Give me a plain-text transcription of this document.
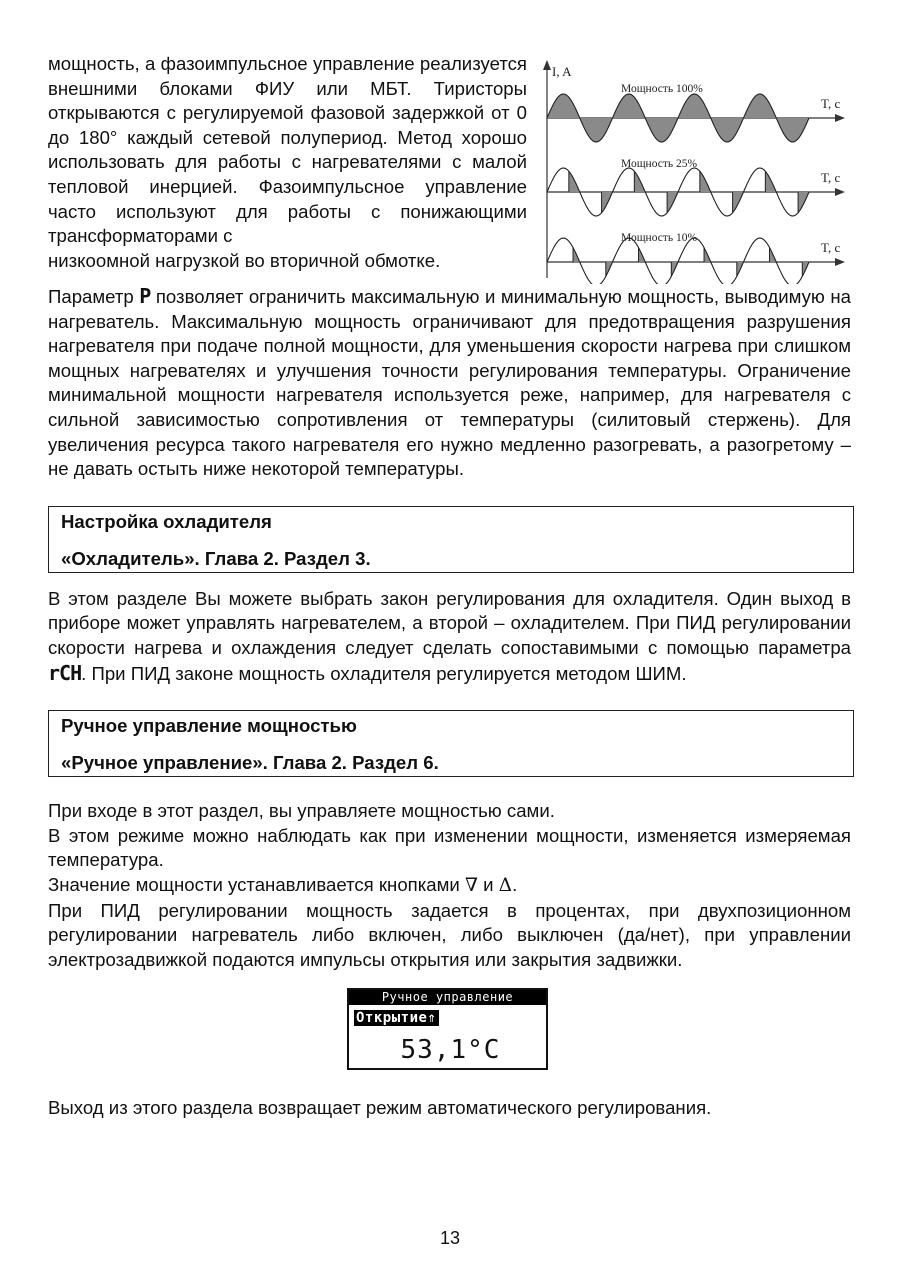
мощность, а фазоимпульсное управление реализуется внешними блоками ФИУ или МБТ. Тиристоры открываются с регулируемой фазовой задержкой от 0 до 180° каждый сетевой полупериод. Метод хорошо использовать для работы с нагревателями с малой тепловой инерцией. Фазоимпульсное управление часто используют для работы с понижающими трансформаторами с

низкоомной нагрузкой во вторичной обмотке.

I, A
T, c
Мощность 100%
T, c
Мощность 25%
T, c
Мощность 10%

Параметр P позволяет ограничить максимальную и минимальную мощность, выводимую на нагреватель. Максимальную мощность ограничивают для предотвращения разрушения нагревателя при подаче полной мощности, для уменьшения скорости нагрева при слишком мощных нагревателях и улучшения точности регулирования температуры. Ограничение минимальной мощности нагревателя используется реже, например, для нагревателя с сильной зависимостью сопротивления от температуры (силитовый стержень). Для увеличения ресурса такого нагревателя его нужно медленно разогревать, а разогретому – не давать остыть ниже некоторой температуры.

Настройка охладителя
«Охладитель». Глава 2. Раздел 3.

В этом разделе Вы можете выбрать закон регулирования для охладителя. Один выход в приборе может управлять нагревателем, а второй – охладителем. При ПИД регулировании скорости нагрева и охлаждения следует сделать сопоставимыми с помощью параметра rCH. При ПИД законе мощность охладителя регулируется методом ШИМ.

Ручное управление мощностью
«Ручное управление». Глава 2. Раздел 6.

При входе в этот раздел, вы управляете мощностью сами.

В этом режиме можно наблюдать как при изменении мощности, изменяется измеряемая температура.

Значение мощности устанавливается кнопками ∇ и Δ.

При ПИД регулировании мощность задается в процентах, при двухпозиционном регулировании нагреватель либо включен, либо выключен (да/нет), при управлении электрозадвижкой подаются импульсы открытия или закрытия задвижки.

Ручное управление
Открытие⇑
53,1°C

Выход из этого раздела возвращает режим автоматического регулирования.

13
